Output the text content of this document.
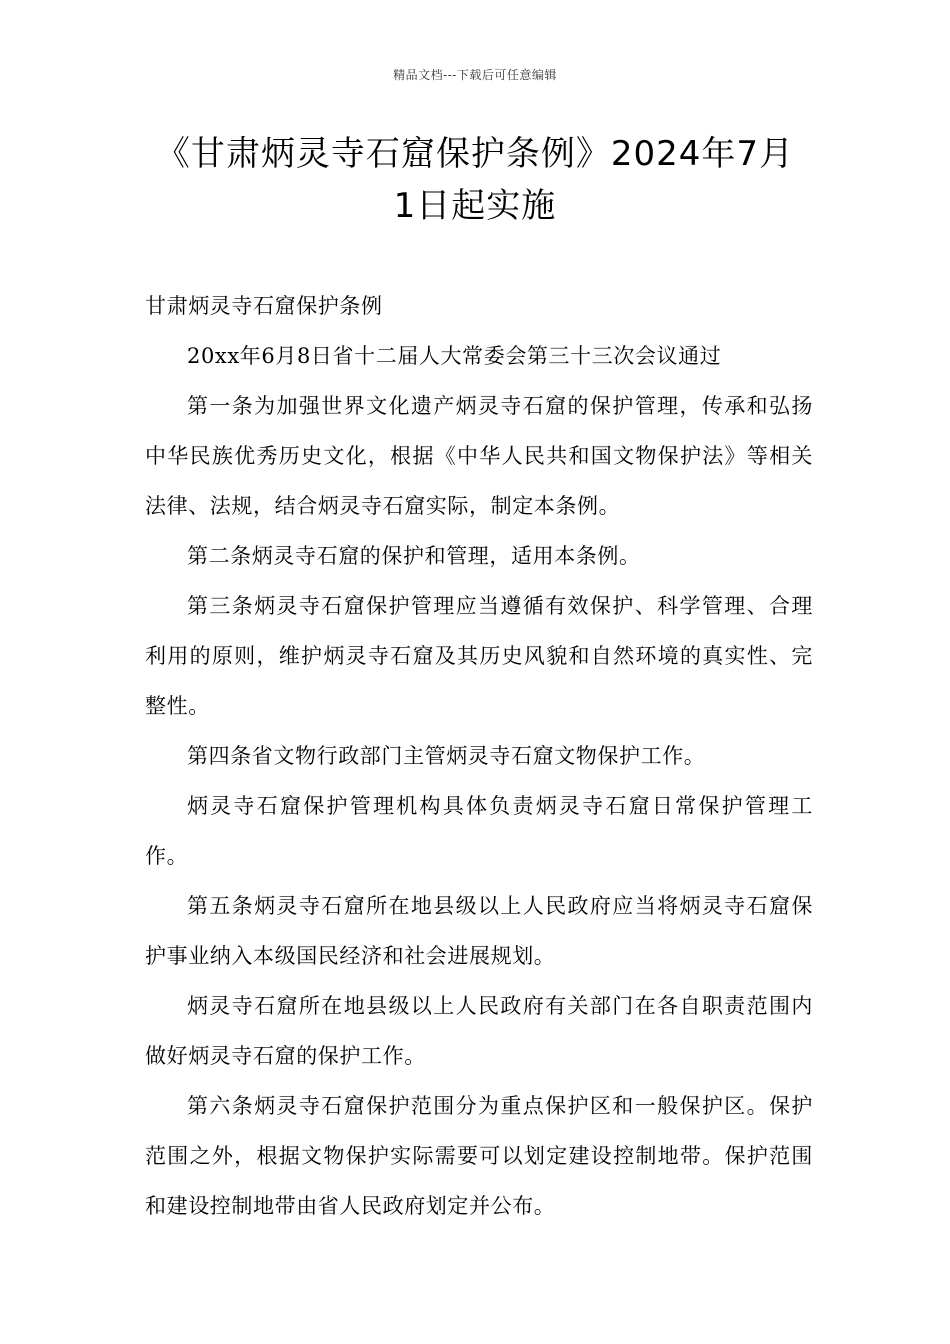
精品文档---下载后可任意编辑
《甘肃炳灵寺石窟保护条例》2024年7月1日起实施

甘肃炳灵寺石窟保护条例

20xx年6月8日省十二届人大常委会第三十三次会议通过

第一条为加强世界文化遗产炳灵寺石窟的保护管理，传承和弘扬中华民族优秀历史文化，根据《中华人民共和国文物保护法》等相关法律、法规，结合炳灵寺石窟实际，制定本条例。

第二条炳灵寺石窟的保护和管理，适用本条例。

第三条炳灵寺石窟保护管理应当遵循有效保护、科学管理、合理利用的原则，维护炳灵寺石窟及其历史风貌和自然环境的真实性、完整性。

第四条省文物行政部门主管炳灵寺石窟文物保护工作。

炳灵寺石窟保护管理机构具体负责炳灵寺石窟日常保护管理工作。

第五条炳灵寺石窟所在地县级以上人民政府应当将炳灵寺石窟保护事业纳入本级国民经济和社会进展规划。

炳灵寺石窟所在地县级以上人民政府有关部门在各自职责范围内做好炳灵寺石窟的保护工作。

第六条炳灵寺石窟保护范围分为重点保护区和一般保护区。保护范围之外，根据文物保护实际需要可以划定建设控制地带。保护范围和建设控制地带由省人民政府划定并公布。
